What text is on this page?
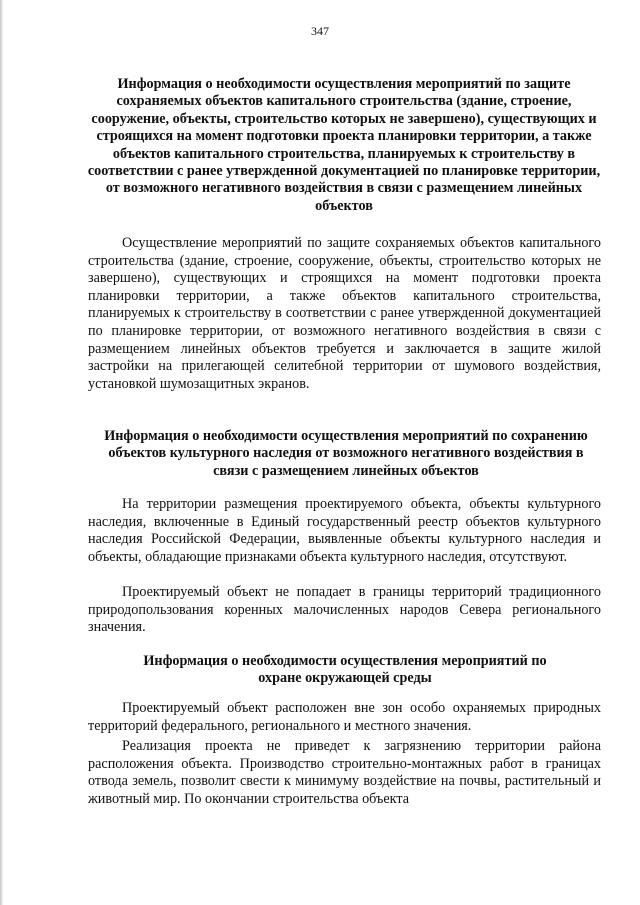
347
Информация о необходимости осуществления мероприятий по защите сохраняемых объектов капитального строительства (здание, строение, сооружение, объекты, строительство которых не завершено), существующих и строящихся на момент подготовки проекта планировки территории, а также объектов капитального строительства, планируемых к строительству в соответствии с ранее утвержденной документацией по планировке территории, от возможного негативного воздействия в связи с размещением линейных объектов

Осуществление мероприятий по защите сохраняемых объектов капитального строительства (здание, строение, сооружение, объекты, строительство которых не завершено), существующих и строящихся на момент подготовки проекта планировки территории, а также объектов капитального строительства, планируемых к строительству в соответствии с ранее утвержденной документацией по планировке территории, от возможного негативного воздействия в связи с размещением линейных объектов требуется и заключается в защите жилой застройки на прилегающей селитебной территории от шумового воздействия, установкой шумозащитных экранов.

Информация о необходимости осуществления мероприятий по сохранению объектов культурного наследия от возможного негативного воздействия в связи с размещением линейных объектов

На территории размещения проектируемого объекта, объекты культурного наследия, включенные в Единый государственный реестр объектов культурного наследия Российской Федерации, выявленные объекты культурного наследия и объекты, обладающие признаками объекта культурного наследия, отсутствуют.

Проектируемый объект не попадает в границы территорий традиционного природопользования коренных малочисленных народов Севера регионального значения.

Информация о необходимости осуществления мероприятий по охране окружающей среды

Проектируемый объект расположен вне зон особо охраняемых природных территорий федерального, регионального и местного значения.

Реализация проекта не приведет к загрязнению территории района расположения объекта. Производство строительно-монтажных работ в границах отвода земель, позволит свести к минимуму воздействие на почвы, растительный и животный мир. По окончании строительства объекта
